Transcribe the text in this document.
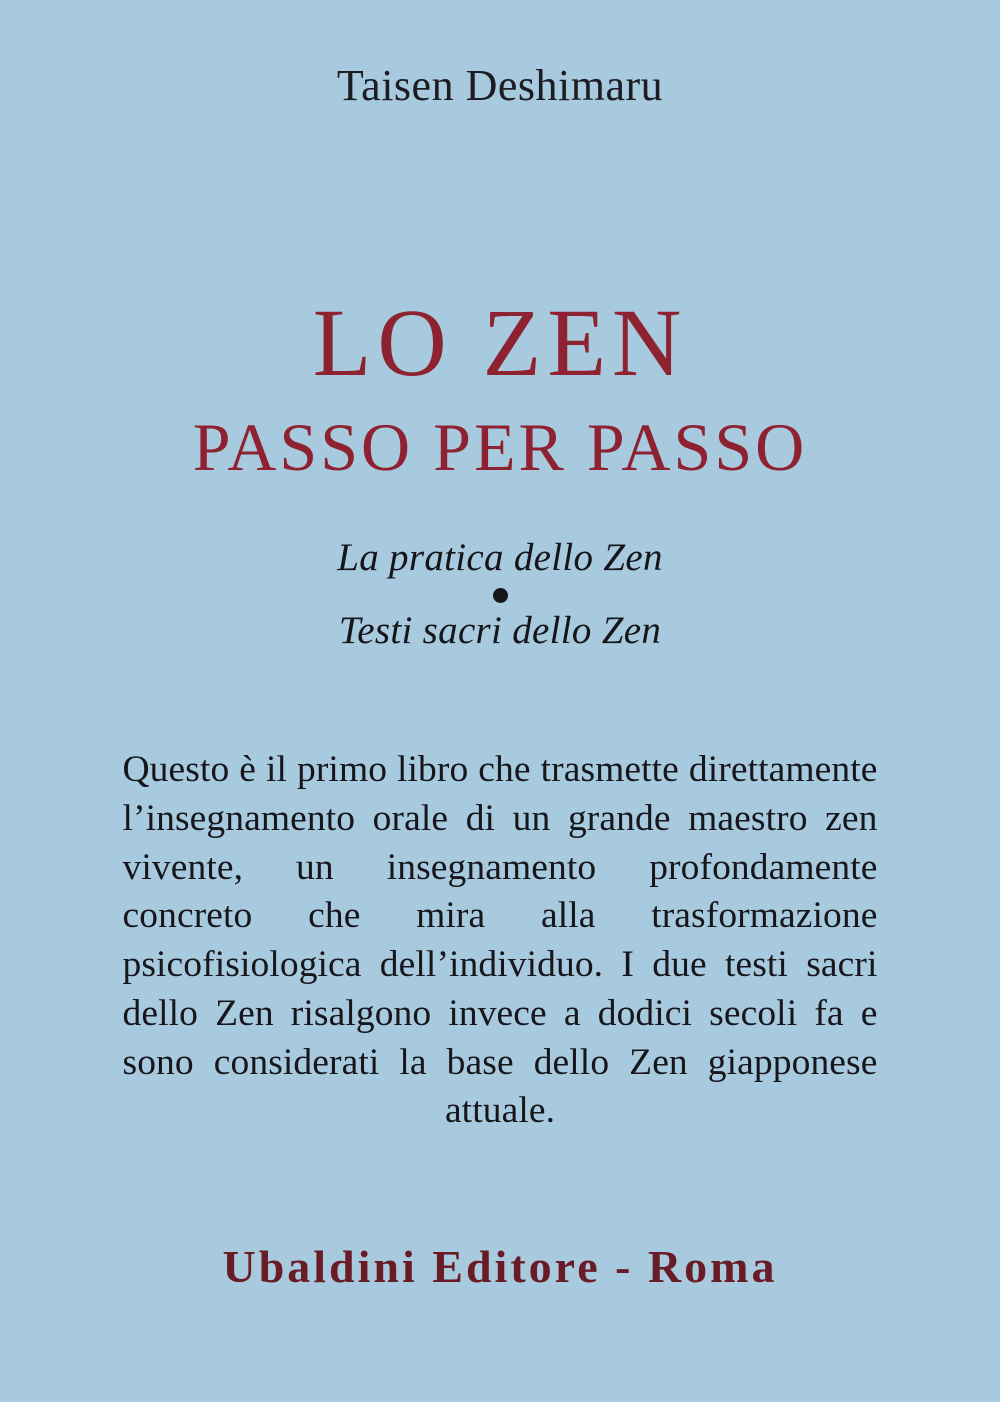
Taisen Deshimaru
LO ZEN
PASSO PER PASSO
La pratica dello Zen
Testi sacri dello Zen
Questo è il primo libro che trasmette direttamente l’insegnamento orale di un grande maestro zen vivente, un insegnamento profondamente concreto che mira alla trasformazione psicofisiologica dell’individuo. I due testi sacri dello Zen risalgono invece a dodici secoli fa e sono considerati la base dello Zen giapponese attuale.
Ubaldini Editore - Roma
